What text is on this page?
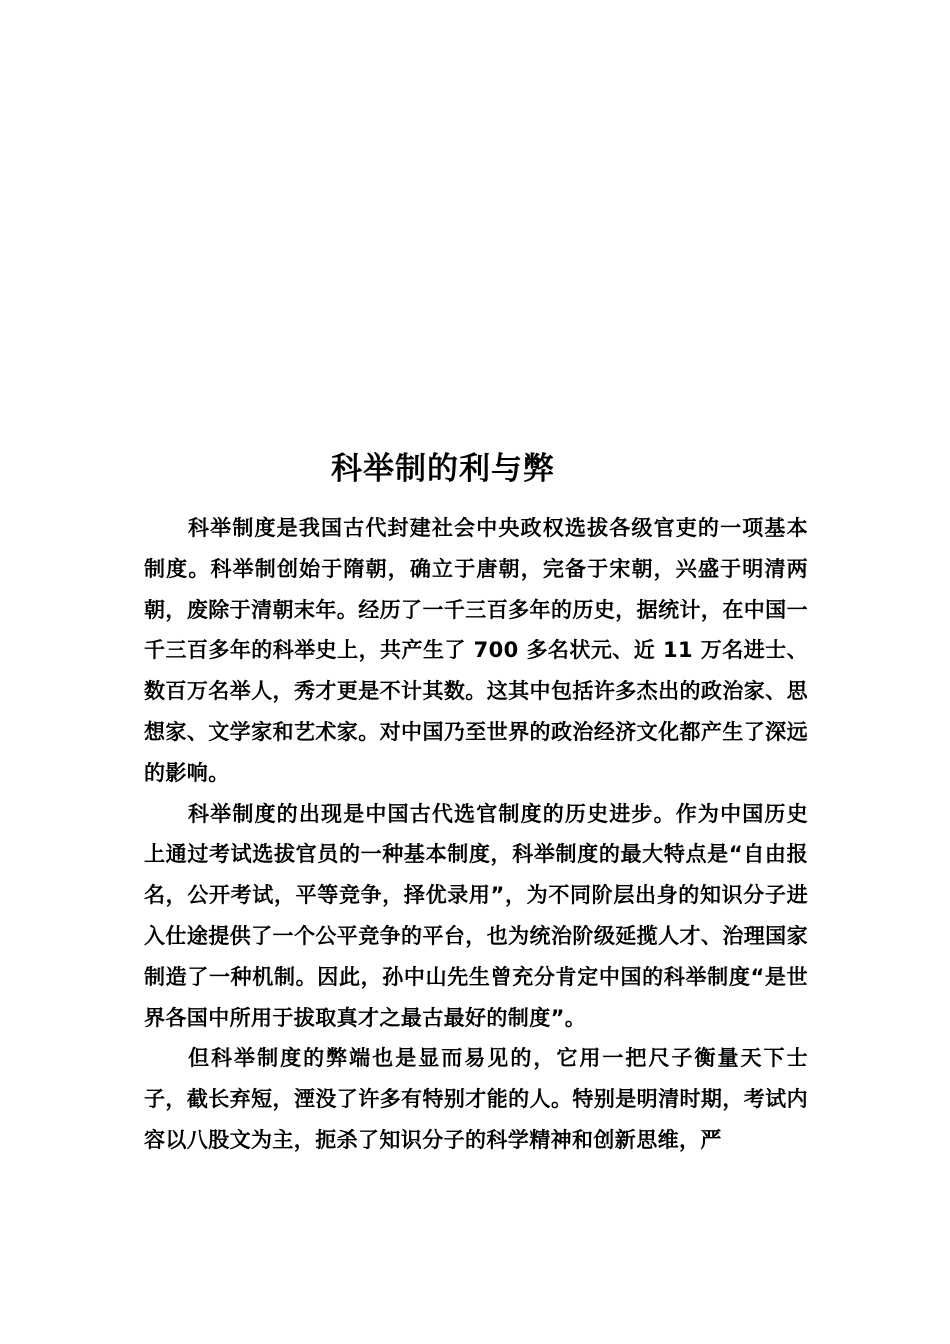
科举制的利与弊

科举制度是我国古代封建社会中央政权选拔各级官吏的一项基本制度。科举制创始于隋朝，确立于唐朝，完备于宋朝，兴盛于明清两朝，废除于清朝末年。经历了一千三百多年的历史，据统计，在中国一千三百多年的科举史上，共产生了 700 多名状元、近 11 万名进士、数百万名举人，秀才更是不计其数。这其中包括许多杰出的政治家、思想家、文学家和艺术家。对中国乃至世界的政治经济文化都产生了深远的影响。

科举制度的出现是中国古代选官制度的历史进步。作为中国历史上通过考试选拔官员的一种基本制度，科举制度的最大特点是“自由报名，公开考试，平等竞争，择优录用”，为不同阶层出身的知识分子进入仕途提供了一个公平竞争的平台，也为统治阶级延揽人才、治理国家制造了一种机制。因此，孙中山先生曾充分肯定中国的科举制度“是世界各国中所用于拔取真才之最古最好的制度”。

但科举制度的弊端也是显而易见的，它用一把尺子衡量天下士子，截长弃短，湮没了许多有特别才能的人。特别是明清时期，考试内容以八股文为主，扼杀了知识分子的科学精神和创新思维，严
